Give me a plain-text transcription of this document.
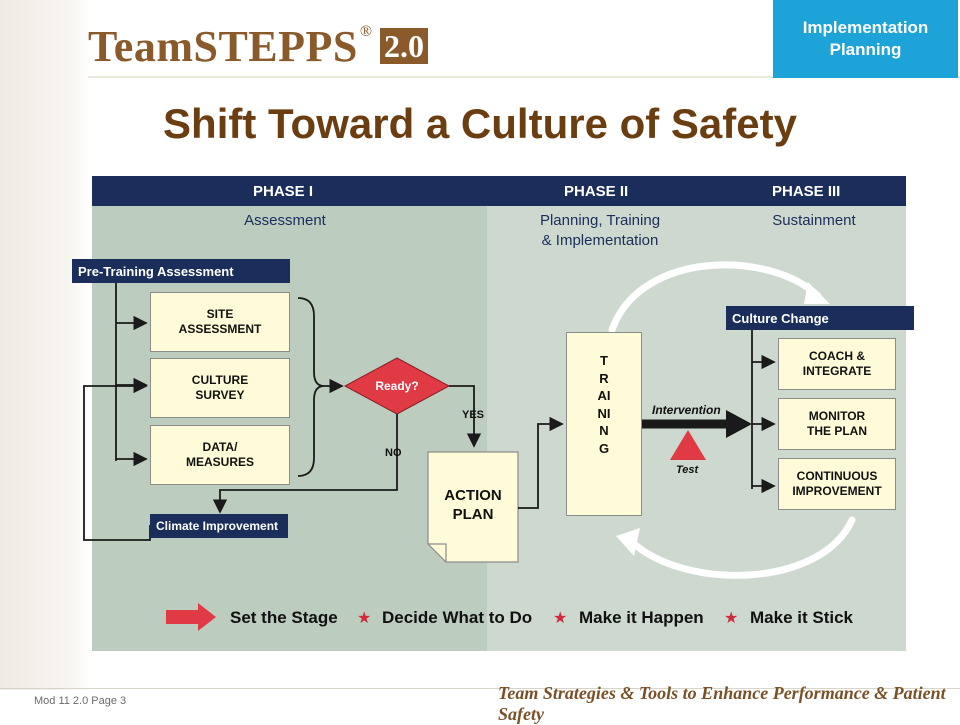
TeamSTEPPS ® 2.0
Implementation
Planning
Shift Toward a Culture of Safety
PHASE I	PHASE II	PHASE III
Assessment	Planning, Training
& Implementation
Sustainment
Pre-Training Assessment
SITE
ASSESSMENT
CULTURE
SURVEY
DATA/
MEASURES
Ready?
YES
NO
Climate Improvement
ACTION
PLAN
TRAINING
Intervention
Test
Culture Change
COACH &
INTEGRATE
MONITOR
THE PLAN
CONTINUOUS
IMPROVEMENT
Set the Stage ★ Decide What to Do ★ Make it Happen ★ Make it Stick
Mod 11 2.0 Page 3	Team Strategies & Tools to Enhance Performance & Patient Safety
